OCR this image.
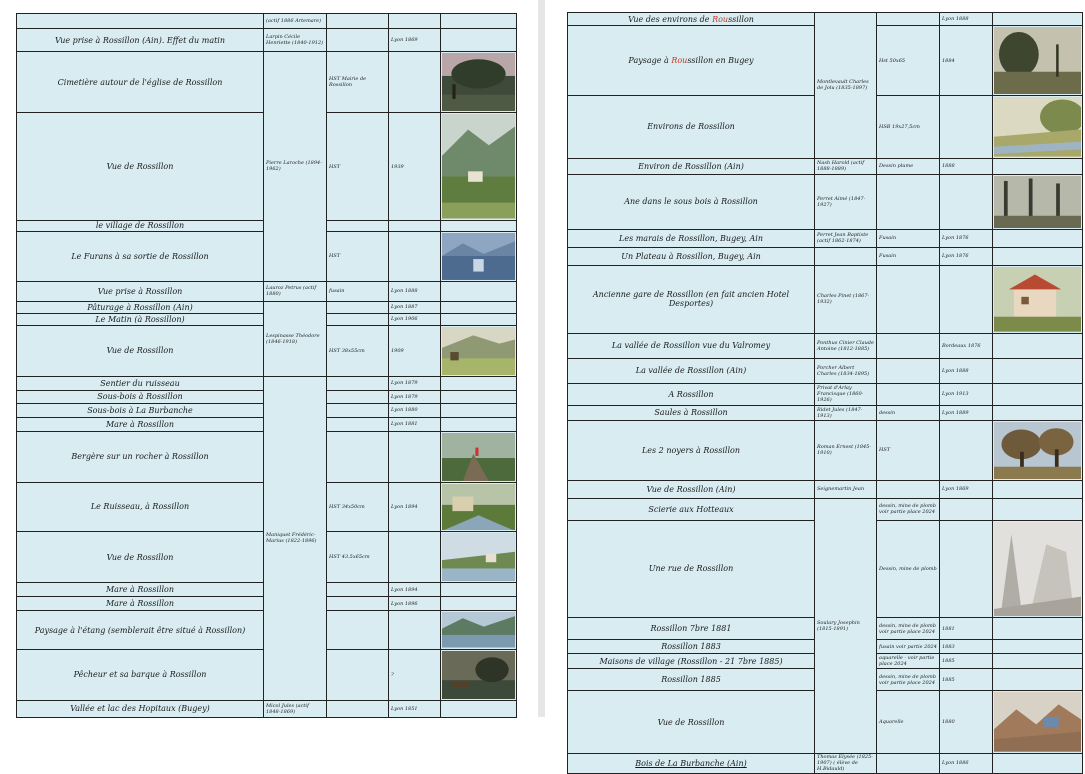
	(actif 1886 Artemare)			
Vue prise à Rossillon (Ain). Effet du matin	Larpin Cécile Henriette (1840-1912)		Lyon 1869	
Cimetière autour de l'église de Rossillon	Pierre Laroche (1894-1962)	HST Mairie de Rossillon		

Vue de Rossillon		HST	1939	

le village de Rossillon				
Le Furans à sa sortie de Rossillon		HST		

Vue prise à Rossillon	Lauroz Petrus (actif 1880)	fusain	Lyon 1888	
Pâturage à Rossillon (Ain)	Lespinasse Théodore (1846-1918)		Lyon 1887	
Le Matin (à Rossillon)			Lyon 1906	
Vue de Rossillon		HST 38x55cm	1909	

Sentier du ruisseau	Maniquet Frédéric-Marius (1822-1896)		Lyon 1879	
Sous-bois à Rossillon			Lyon 1879	
Sous-bois à La Burbanche			Lyon 1880	
Mare à Rossillon			Lyon 1881	
Bergère sur un rocher à Rossillon			

Le Ruisseau, à Rossillon		HST 34x50cm	Lyon 1894	

Vue de Rossillon		HST 43.5x65cm		

Mare à Rossillon			Lyon 1894	
Mare à Rossillon			Lyon 1896	
Paysage à l'étang (semblerait être situé à Rossillon)			

Pêcheur et sa barque à Rossillon			?	

Vallée et lac des Hopitaux (Bugey)	Micol Jules (actif 1848-1869)		Lyon 1851	
Vue des environs de Roussillon	Montlevault Charles de Jolu (1835-1897)		Lyon 1888	
Paysage à Roussillon en Bugey		Hst 50x65	1884	

Environs de Rossillon		HSB 19x27,5cm		

Environ de Rossillon (Ain)	Nash Harold (actif 1888-1889)	Dessin plume	1888	
Ane dans le sous bois à Rossillon	Perret Aimé (1847-1927)			

Les marais de Rossillon, Bugey, Ain	Perret Jean Baptiste (actif 1862-1874)	Fusain	Lyon 1876	
Un Plateau à Rossillon, Bugey, Ain		Fusain	Lyon 1876	
Ancienne gare de Rossillon (en fait ancien Hotel Desportes)	Charles Pinet (1867-1932)			

La vallée de Rossillon vue du Valromey	Ponthus Cinier Claude Antoine (1812-1885)		Bordeaux 1876	
La vallée de Rossillon (Ain)	Porcher Albert Charles (1834-1895)		Lyon 1888	
A Rossillon	Privat d'Arlay Francisque (1860-1926)		Lyon 1913	
Saules à Rossillon	Ridet Jules (1847-1913)	dessin	Lyon 1889	
Les 2 noyers à Rossillon	Roman Ernest (1845-1910)	HST		

Vue de Rossillon (Ain)	Seignemartin Jean		Lyon 1869	
Scierie aux Hotteaux	Soulary Josephin (1815-1891)	dessin, mine de plomb voir partie place 2024		
Une rue de Rossillon		Dessin, mine de plomb		

Rossillon 7bre 1881		dessin, mine de plomb voir partie place 2024	1881	
Rossillon 1883		fusain voir partie 2024	1883	
Maisons de village (Rossillon - 21 7bre 1885)		aquarelle - voir partie place 2024	1885	
Rossillon 1885		dessin, mine de plomb voir partie place 2024	1885	
Vue de Rossillon		Aquarelle	1880	

Bois de La Burbanche (Ain)	Thomas Elysée (1825-1907) ( élève de H.Bidauld)		Lyon 1886	
